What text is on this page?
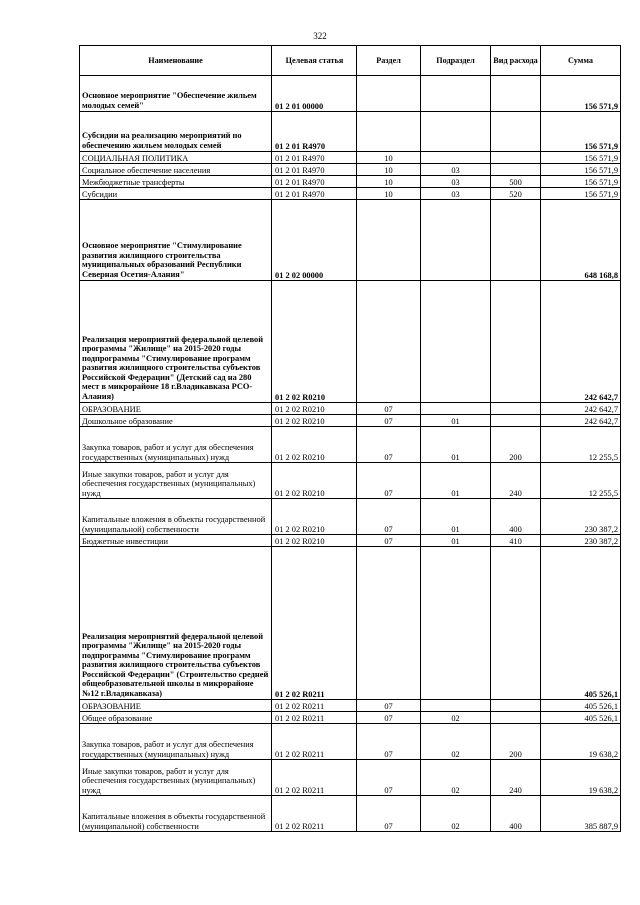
322
Наименование	Целевая статья	Раздел	Подраздел	Вид расхода	Сумма
Основное мероприятие "Обеспечение жильем молодых семей"	01 2 01 00000				156 571,9
Субсидии на реализацию мероприятий по обеспечению жильем молодых семей	01 2 01 R4970				156 571,9
СОЦИАЛЬНАЯ ПОЛИТИКА	01 2 01 R4970	10			156 571,9
Социальное обеспечение населения	01 2 01 R4970	10	03		156 571,9
Межбюджетные трансферты	01 2 01 R4970	10	03	500	156 571,9
Субсидии	01 2 01 R4970	10	03	520	156 571,9
Основное мероприятие "Стимулирование развития жилищного строительства муниципальных образований Республики Северная Осетия-Алания"	01 2 02 00000				648 168,8
Реализация мероприятий федеральной целевой программы "Жилище" на 2015-2020 годы подпрограммы "Стимулирование программ развития жилищного строительства субъектов Российской Федерации" (Детский сад на 280 мест в микрорайоне 18 г.Владикавказа РСО-Алания)	01 2 02 R0210				242 642,7
ОБРАЗОВАНИЕ	01 2 02 R0210	07			242 642,7
Дошкольное образование	01 2 02 R0210	07	01		242 642,7
Закупка товаров, работ и услуг для обеспечения государственных (муниципальных) нужд	01 2 02 R0210	07	01	200	12 255,5
Иные закупки товаров, работ и услуг для обеспечения государственных (муниципальных) нужд	01 2 02 R0210	07	01	240	12 255,5
Капитальные вложения в объекты государственной (муниципальной) собственности	01 2 02 R0210	07	01	400	230 387,2
Бюджетные инвестиции	01 2 02 R0210	07	01	410	230 387,2
Реализация мероприятий федеральной целевой программы "Жилище" на 2015-2020 годы подпрограммы "Стимулирование программ развития жилищного строительства субъектов Российской Федерации" (Строительство средней общеобразовательной школы в микрорайоне №12 г.Владикавказа)	01 2 02 R0211				405 526,1
ОБРАЗОВАНИЕ	01 2 02 R0211	07			405 526,1
Общее образование	01 2 02 R0211	07	02		405 526,1
Закупка товаров, работ и услуг для обеспечения государственных (муниципальных) нужд	01 2 02 R0211	07	02	200	19 638,2
Иные закупки товаров, работ и услуг для обеспечения государственных (муниципальных) нужд	01 2 02 R0211	07	02	240	19 638,2
Капитальные вложения в объекты государственной (муниципальной) собственности	01 2 02 R0211	07	02	400	385 887,9
